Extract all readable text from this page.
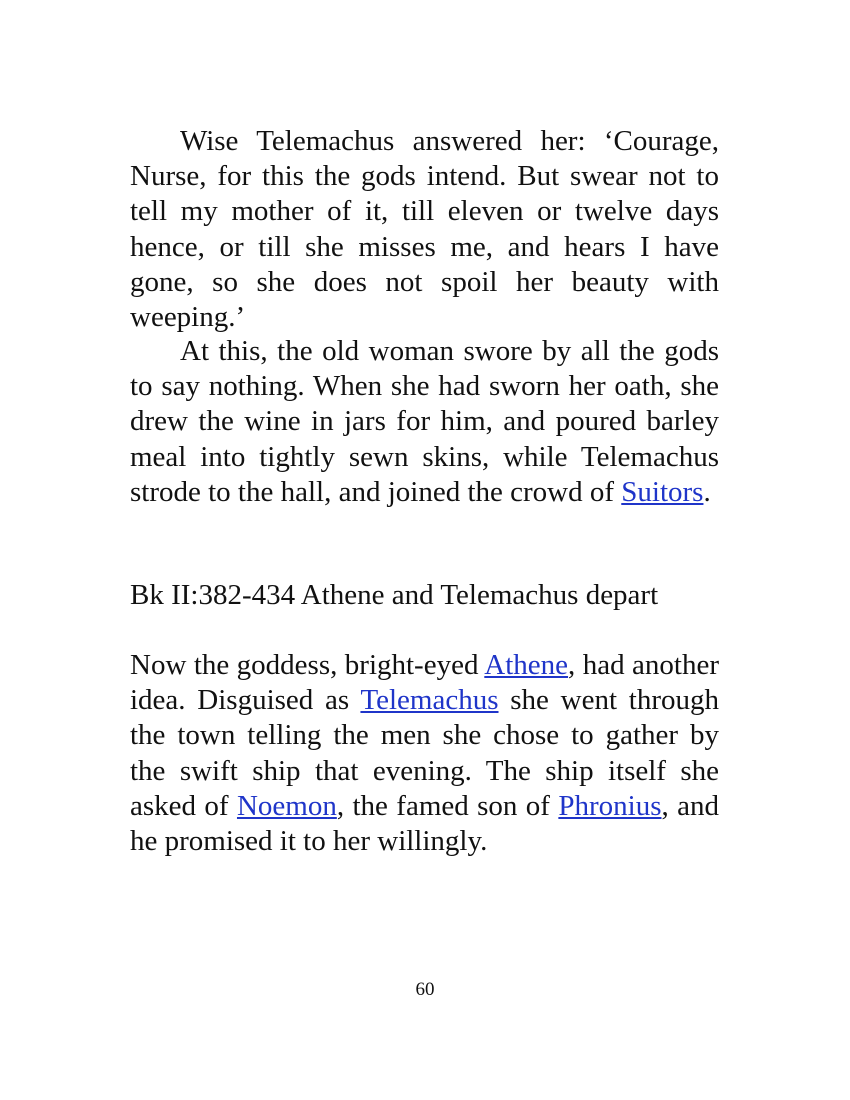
Wise Telemachus answered her: ‘Courage, Nurse, for this the gods intend. But swear not to tell my mother of it, till eleven or twelve days hence, or till she misses me, and hears I have gone, so she does not spoil her beauty with weeping.’

At this, the old woman swore by all the gods to say nothing. When she had sworn her oath, she drew the wine in jars for him, and poured barley meal into tightly sewn skins, while Telemachus strode to the hall, and joined the crowd of Suitors.

Bk II:382-434 Athene and Telemachus depart

Now the goddess, bright-eyed Athene, had another idea. Disguised as Telemachus she went through the town telling the men she chose to gather by the swift ship that evening. The ship itself she asked of Noemon, the famed son of Phronius, and he promised it to her willingly.

60
